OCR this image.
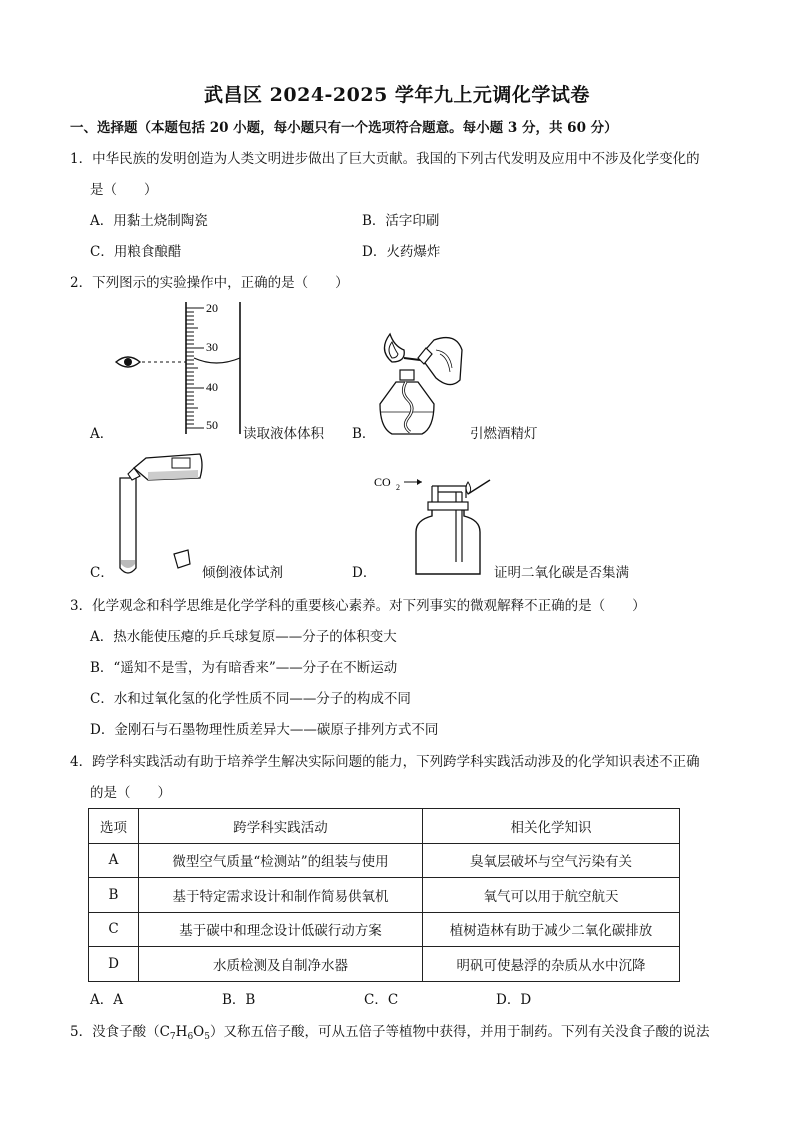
武昌区 2024-2025 学年九上元调化学试卷
一、选择题（本题包括 20 小题，每小题只有一个选项符合题意。每小题 3 分，共 60 分）
1．中华民族的发明创造为人类文明进步做出了巨大贡献。我国的下列古代发明及应用中不涉及化学变化的
是（　　）
A．用黏土烧制陶瓷	B．活字印刷
C．用粮食酿醋	D．火药爆炸
2．下列图示的实验操作中，正确的是（　　）
20
30
40
50
A．	读取液体体积 B．	引燃酒精灯
C．	倾倒液体试剂
CO 2
D．	证明二氧化碳是否集满
3．化学观念和科学思维是化学学科的重要核心素养。对下列事实的微观解释不正确的是（　　）
A．热水能使压瘪的乒乓球复原——分子的体积变大
B．“遥知不是雪，为有暗香来”——分子在不断运动
C．水和过氧化氢的化学性质不同——分子的构成不同
D．金刚石与石墨物理性质差异大——碳原子排列方式不同
4．跨学科实践活动有助于培养学生解决实际问题的能力，下列跨学科实践活动涉及的化学知识表述不正确
的是（　　）
选项	跨学科实践活动	相关化学知识
A	微型空气质量“检测站”的组装与使用	臭氧层破坏与空气污染有关
B	基于特定需求设计和制作简易供氧机	氧气可以用于航空航天
C	基于碳中和理念设计低碳行动方案	植树造林有助于减少二氧化碳排放
D	水质检测及自制净水器	明矾可使悬浮的杂质从水中沉降
A．A	B．B	C．C	D．D
5．没食子酸$(C_7H_6O_5)$又称五倍子酸，可从五倍子等植物中获得，并用于制药。下列有关没食子酸的说法
